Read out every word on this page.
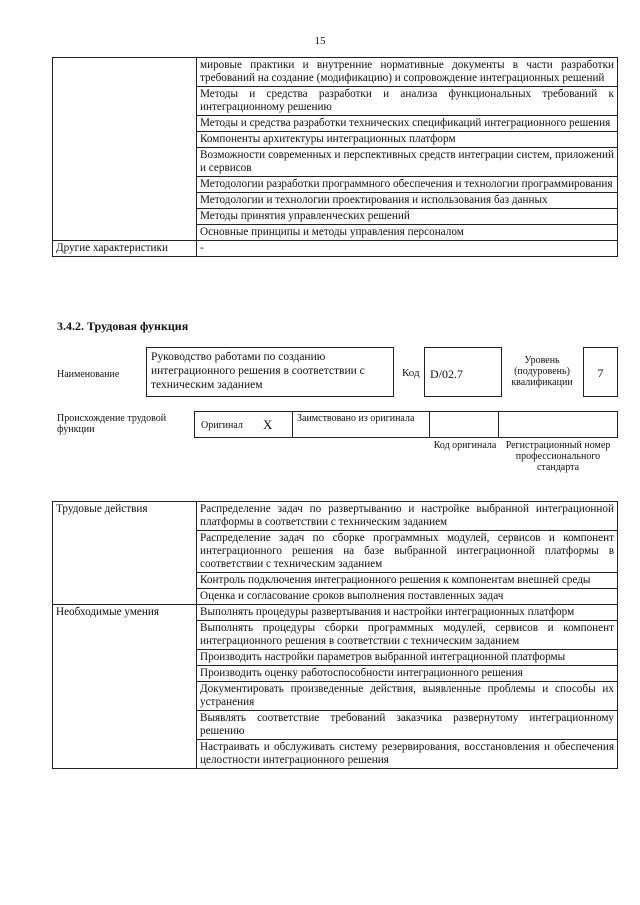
15
	мировые практики и внутренние нормативные документы в части разработки требований на создание (модификацию) и сопровождение интеграционных решений
	Методы и средства разработки и анализа функциональных требований к интеграционному решению
	Методы и средства разработки технических спецификаций интеграционного решения
	Компоненты архитектуры интеграционных платформ
	Возможности современных и перспективных средств интеграции систем, приложений и сервисов
	Методологии разработки программного обеспечения и технологии программирования
	Методологии и технологии проектирования и использования баз данных
	Методы принятия управленческих решений
	Основные принципы и методы управления персоналом
Другие характеристики	-
3.4.2. Трудовая функция
Наименование
Руководство работами по созданию интеграционного решения в соответствии с техническим заданием
Код D/02.7
Уровень (подуровень) квалификации
7
Происхождение трудовой функции	Оригинал X	Заимствовано из оригинала
Код оригинала Регистрационный номер профессионального стандарта
Трудовые действия	Распределение задач по развертыванию и настройке выбранной интеграционной платформы в соответствии с техническим заданием
	Распределение задач по сборке программных модулей, сервисов и компонент интеграционного решения на базе выбранной интеграционной платформы в соответствии с техническим заданием
	Контроль подключения интеграционного решения к компонентам внешней среды
	Оценка и согласование сроков выполнения поставленных задач
Необходимые умения	Выполнять процедуры развертывания и настройки интеграционных платформ
	Выполнять процедуры сборки программных модулей, сервисов и компонент интеграционного решения в соответствии с техническим заданием
	Производить настройки параметров выбранной интеграционной платформы
	Производить оценку работоспособности интеграционного решения
	Документировать произведенные действия, выявленные проблемы и способы их устранения
	Выявлять соответствие требований заказчика развернутому интеграционному решению
	Настраивать и обслуживать систему резервирования, восстановления и обеспечения целостности интеграционного решения
